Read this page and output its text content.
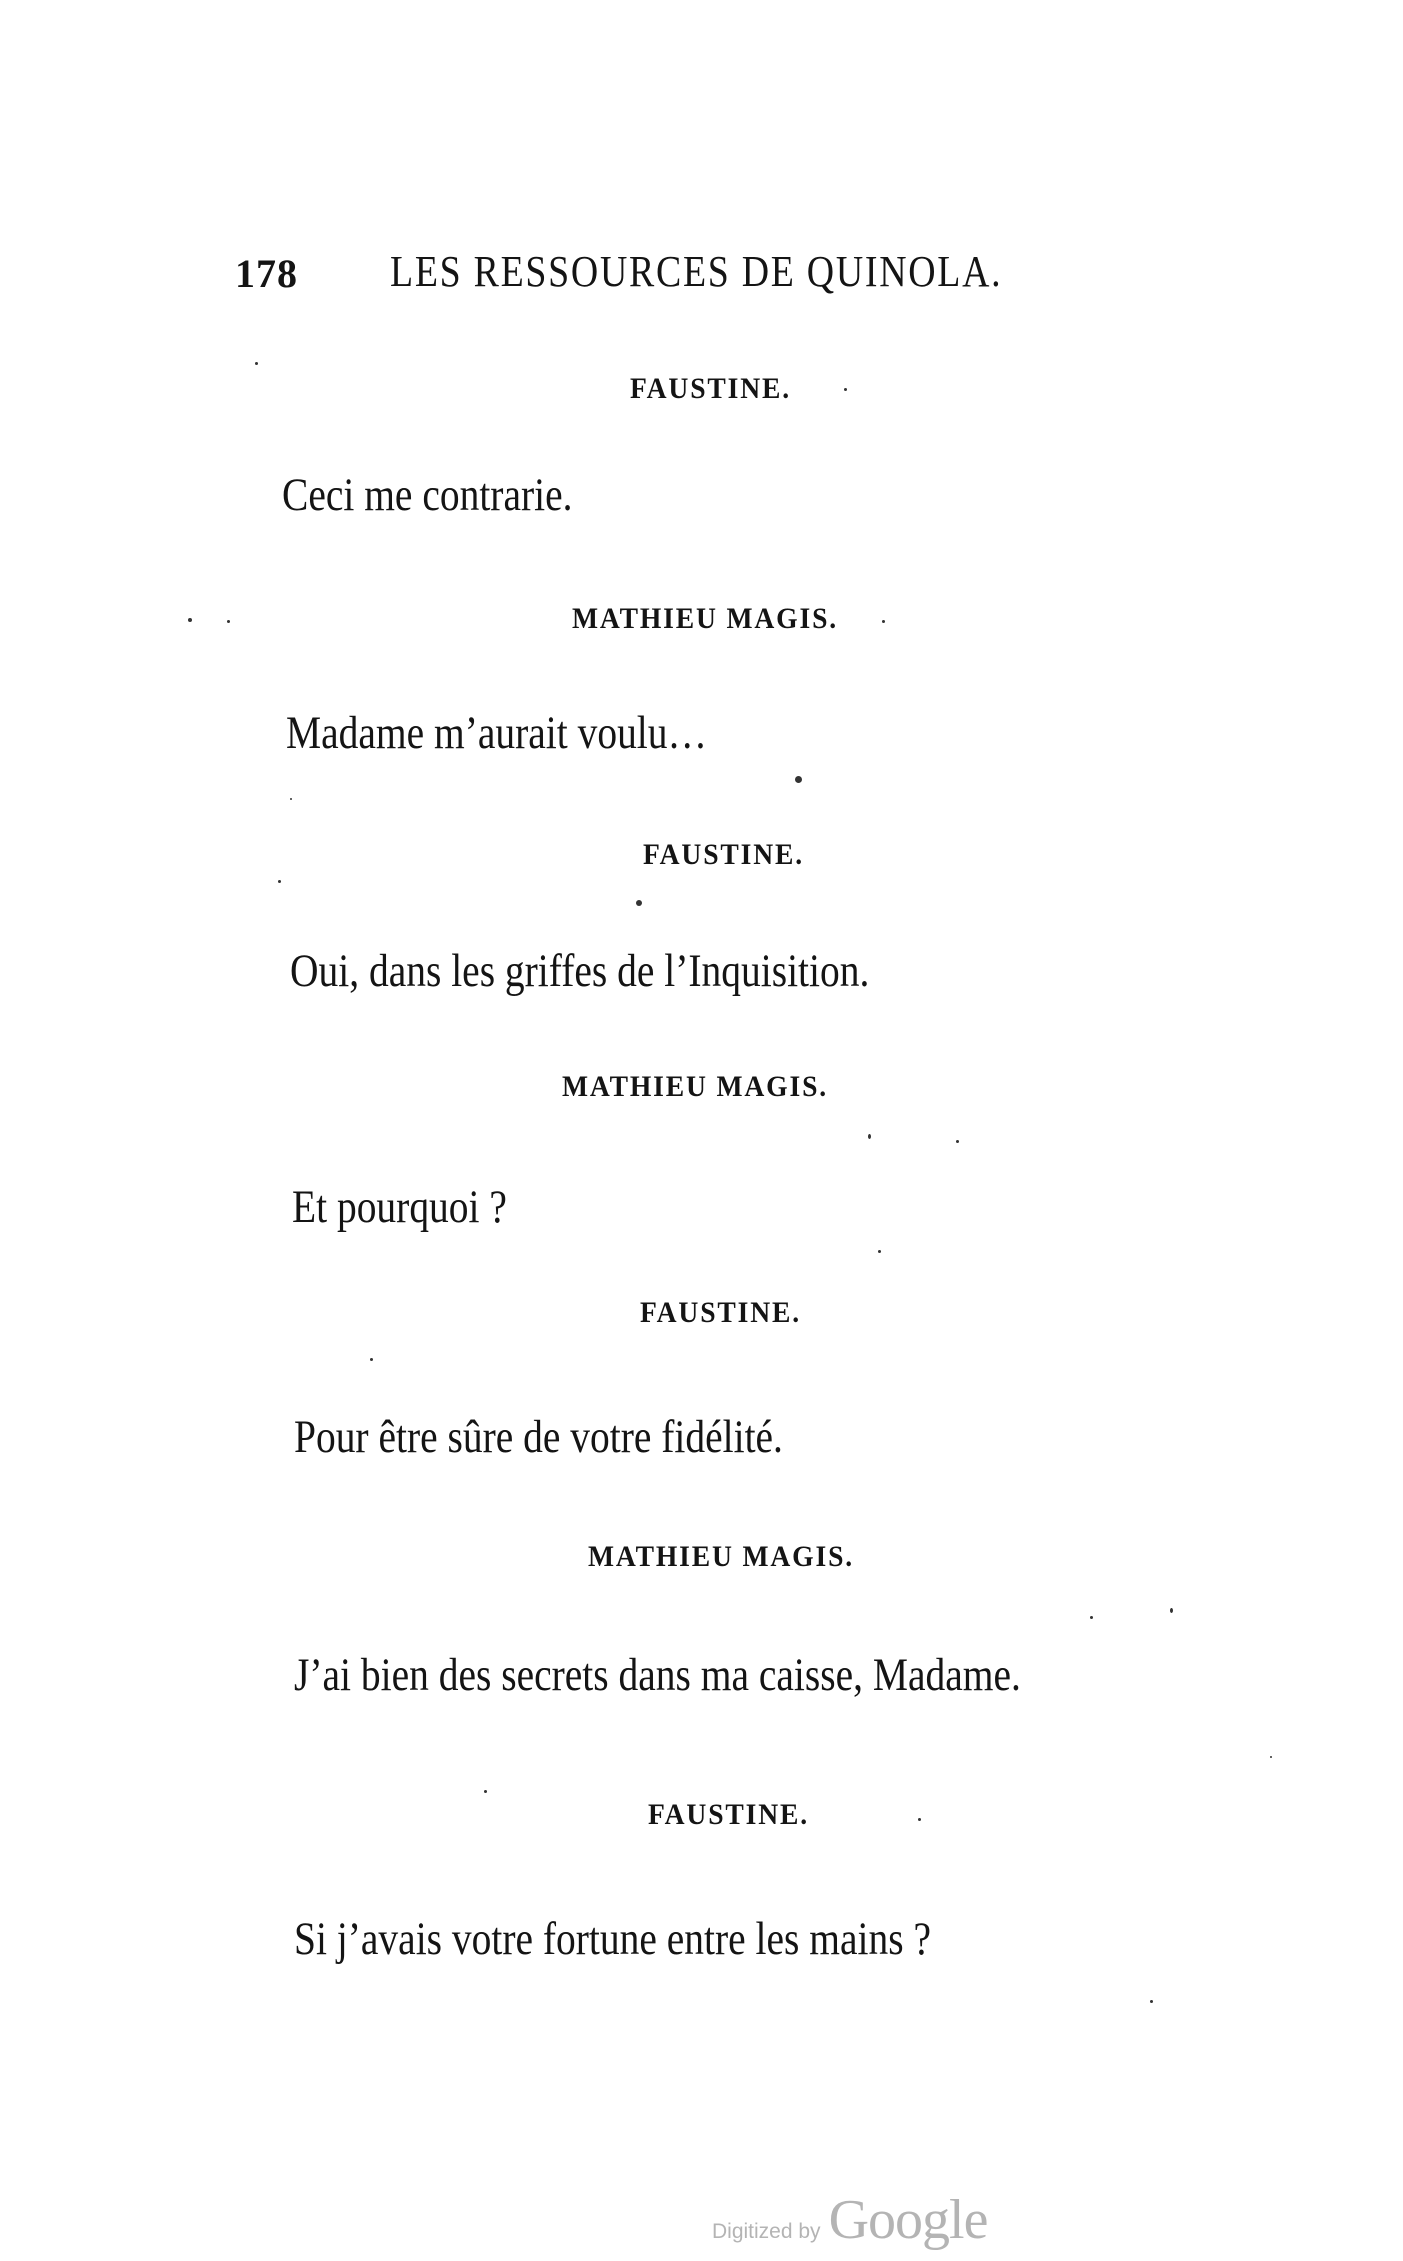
178 LES RESSOURCES DE QUINOLA.
FAUSTINE.
Ceci me contrarie.
MATHIEU MAGIS.
Madame m’aurait voulu…
FAUSTINE.
Oui, dans les griffes de l’Inquisition.
MATHIEU MAGIS.
Et pourquoi ?
FAUSTINE.
Pour être sûre de votre fidélité.
MATHIEU MAGIS.
J’ai bien des secrets dans ma caisse, Madame.
FAUSTINE.
Si j’avais votre fortune entre les mains ?
Digitized by Google
